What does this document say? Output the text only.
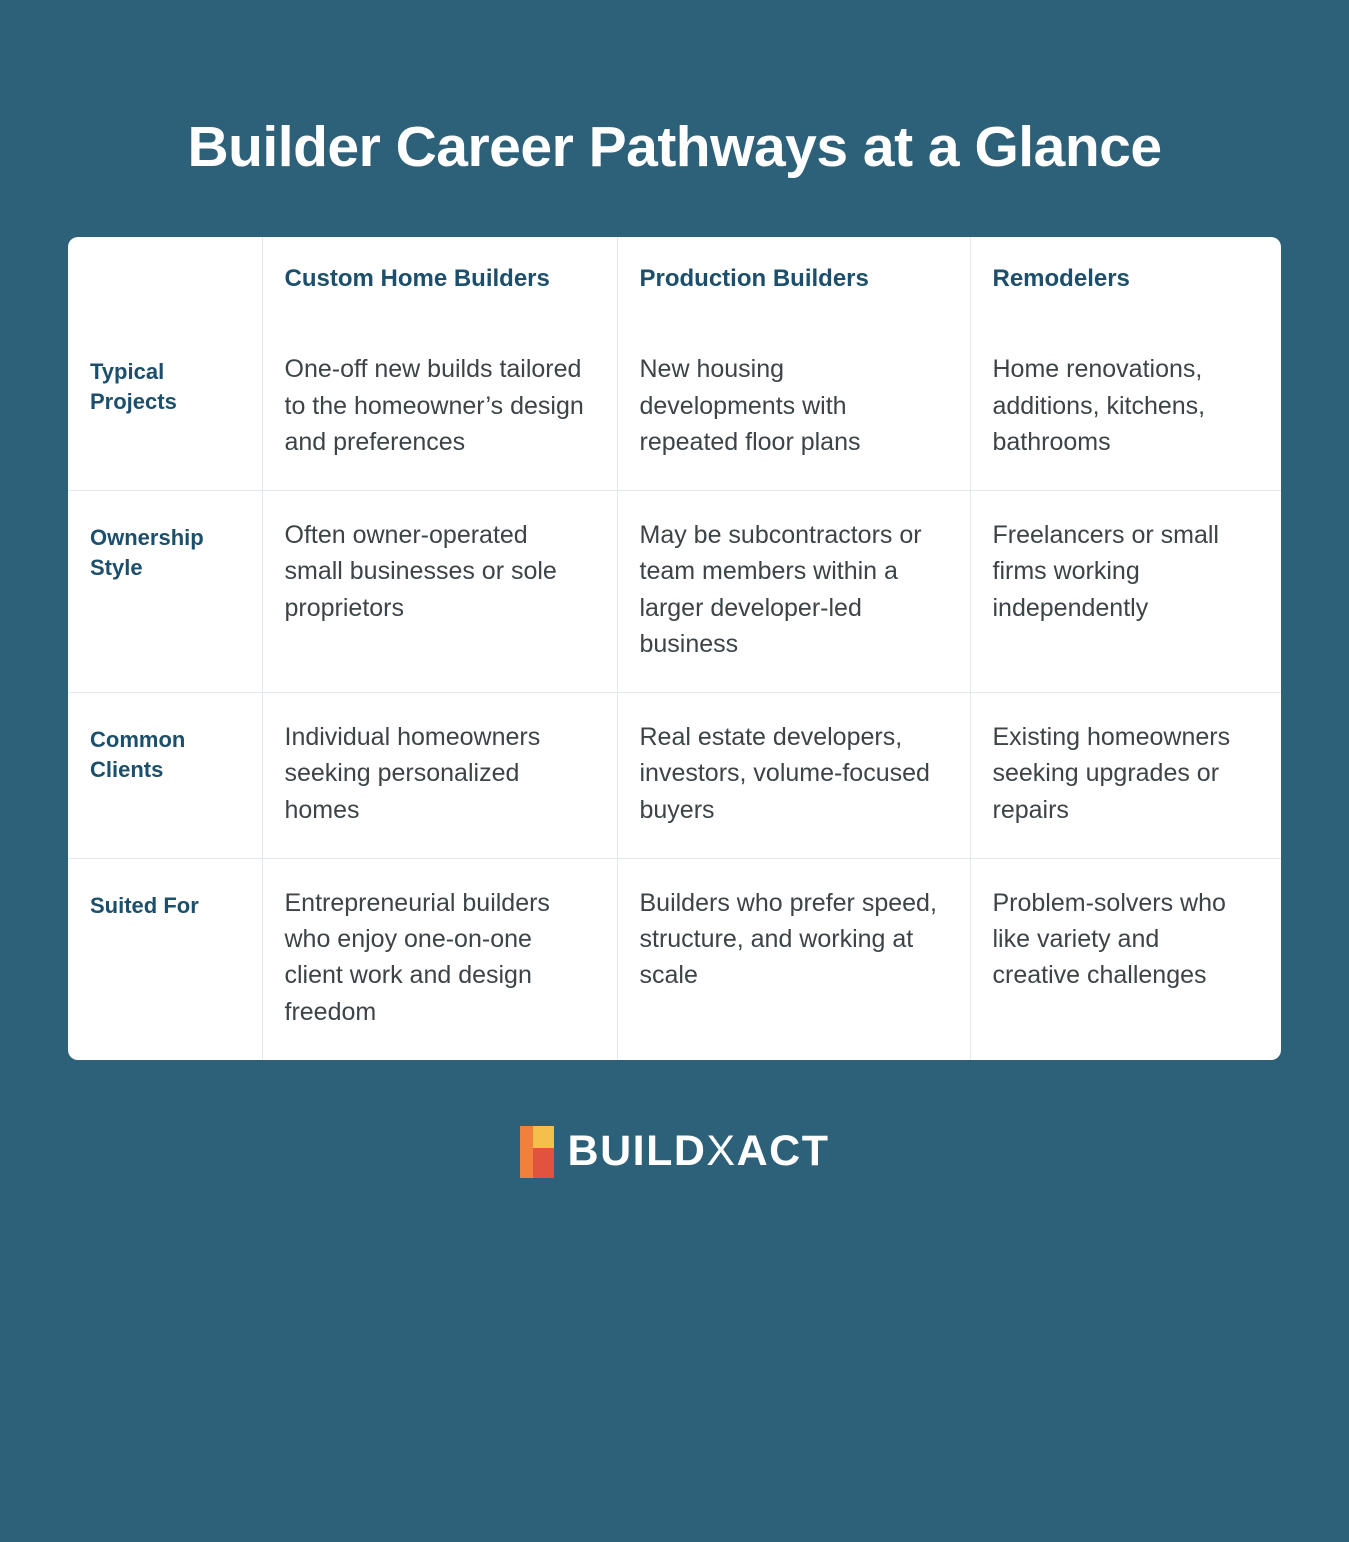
Builder Career Pathways at a Glance
	Custom Home Builders	Production Builders	Remodelers
Typical Projects	One-off new builds tailored to the homeowner’s design and preferences	New housing developments with repeated floor plans	Home renovations, additions, kitchens, bathrooms
Ownership Style	Often owner-operated small businesses or sole proprietors	May be subcontractors or team members within a larger developer-led business	Freelancers or small firms working independently
Common Clients	Individual homeowners seeking personalized homes	Real estate developers, investors, volume-focused buyers	Existing homeowners seeking upgrades or repairs
Suited For	Entrepreneurial builders who enjoy one-on-one client work and design freedom	Builders who prefer speed, structure, and working at scale	Problem-solvers who like variety and creative challenges
BUILDXACT
